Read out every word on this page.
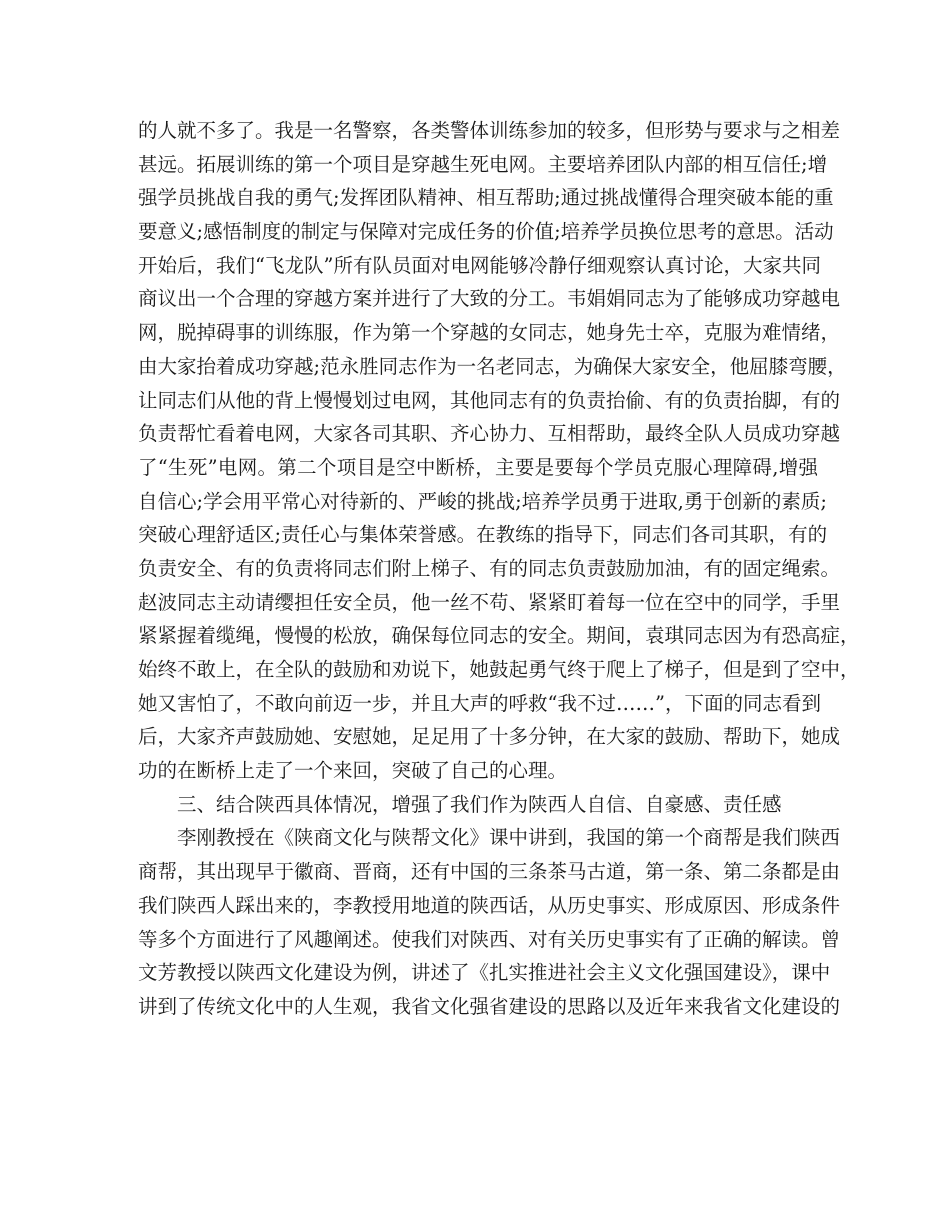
的人就不多了。我是一名警察，各类警体训练参加的较多，但形势与要求与之相差
甚远。拓展训练的第一个项目是穿越生死电网。主要培养团队内部的相互信任;增
强学员挑战自我的勇气;发挥团队精神、相互帮助;通过挑战懂得合理突破本能的重
要意义;感悟制度的制定与保障对完成任务的价值;培养学员换位思考的意思。活动
开始后，我们“飞龙队”所有队员面对电网能够冷静仔细观察认真讨论，大家共同
商议出一个合理的穿越方案并进行了大致的分工。韦娟娟同志为了能够成功穿越电
网，脱掉碍事的训练服，作为第一个穿越的女同志，她身先士卒，克服为难情绪，
由大家抬着成功穿越;范永胜同志作为一名老同志，为确保大家安全，他屈膝弯腰，
让同志们从他的背上慢慢划过电网，其他同志有的负责抬偷、有的负责抬脚，有的
负责帮忙看着电网，大家各司其职、齐心协力、互相帮助，最终全队人员成功穿越
了“生死”电网。第二个项目是空中断桥，主要是要每个学员克服心理障碍,增强
自信心;学会用平常心对待新的、严峻的挑战;培养学员勇于进取,勇于创新的素质;
突破心理舒适区;责任心与集体荣誉感。在教练的指导下，同志们各司其职，有的
负责安全、有的负责将同志们附上梯子、有的同志负责鼓励加油，有的固定绳索。
赵波同志主动请缨担任安全员，他一丝不苟、紧紧盯着每一位在空中的同学，手里
紧紧握着缆绳，慢慢的松放，确保每位同志的安全。期间，袁琪同志因为有恐高症，
始终不敢上，在全队的鼓励和劝说下，她鼓起勇气终于爬上了梯子，但是到了空中，
她又害怕了，不敢向前迈一步，并且大声的呼救“我不过……”，下面的同志看到
后，大家齐声鼓励她、安慰她，足足用了十多分钟，在大家的鼓励、帮助下，她成
功的在断桥上走了一个来回，突破了自己的心理。
三、结合陕西具体情况，增强了我们作为陕西人自信、自豪感、责任感
李刚教授在《陕商文化与陕帮文化》课中讲到，我国的第一个商帮是我们陕西
商帮，其出现早于徽商、晋商，还有中国的三条茶马古道，第一条、第二条都是由
我们陕西人踩出来的，李教授用地道的陕西话，从历史事实、形成原因、形成条件
等多个方面进行了风趣阐述。使我们对陕西、对有关历史事实有了正确的解读。曾
文芳教授以陕西文化建设为例，讲述了《扎实推进社会主义文化强国建设》，课中
讲到了传统文化中的人生观，我省文化强省建设的思路以及近年来我省文化建设的
